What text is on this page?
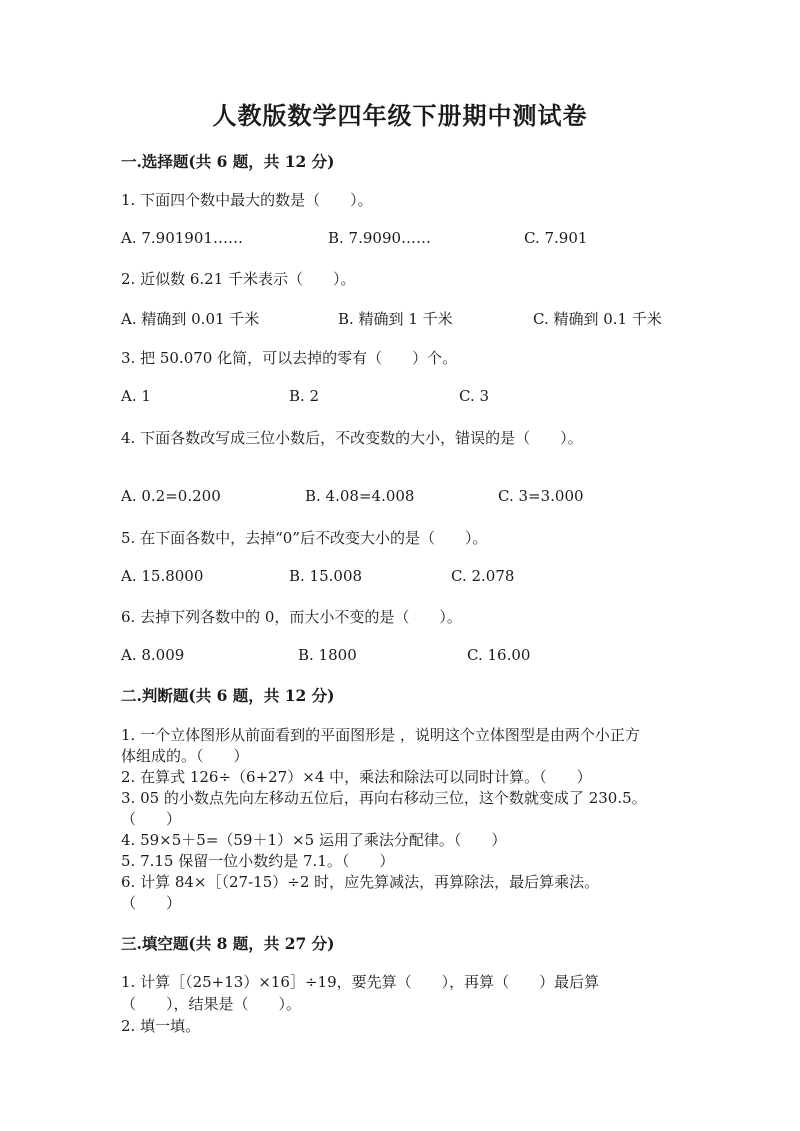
人教版数学四年级下册期中测试卷
一.选择题(共 6 题，共 12 分)
1. 下面四个数中最大的数是（　　）。
A. 7.901901……	B. 7.9090……	C. 7.901
2. 近似数 6.21 千米表示（　　）。
A. 精确到 0.01 千米	B. 精确到 1 千米	C. 精确到 0.1 千米
3. 把 50.070 化简，可以去掉的零有（　　）个。
A. 1	B. 2	C. 3
4. 下面各数改写成三位小数后，不改变数的大小，错误的是（　　）。
A. 0.2=0.200	B. 4.08=4.008	C. 3=3.000
5. 在下面各数中，去掉“0”后不改变大小的是（　　）。
A. 15.8000	B. 15.008	C. 2.078
6. 去掉下列各数中的 0，而大小不变的是（　　）。
A. 8.009	B. 1800	C. 16.00
二.判断题(共 6 题，共 12 分)
1. 一个立体图形从前面看到的平面图形是 ，说明这个立体图型是由两个小正方
体组成的。（　　）
2. 在算式 126÷（6+27）×4 中，乘法和除法可以同时计算。（　　）
3. 05 的小数点先向左移动五位后，再向右移动三位，这个数就变成了 230.5。
（　　）
4. 59×5＋5=（59＋1）×5 运用了乘法分配律。（　　）
5. 7.15 保留一位小数约是 7.1。（　　）
6. 计算 84×［（27-15）÷2 时，应先算减法，再算除法，最后算乘法。
（　　）
三.填空题(共 8 题，共 27 分)
1. 计算［（25+13）×16］÷19，要先算（　　），再算（　　）最后算
（　　），结果是（　　）。
2. 填一填。
